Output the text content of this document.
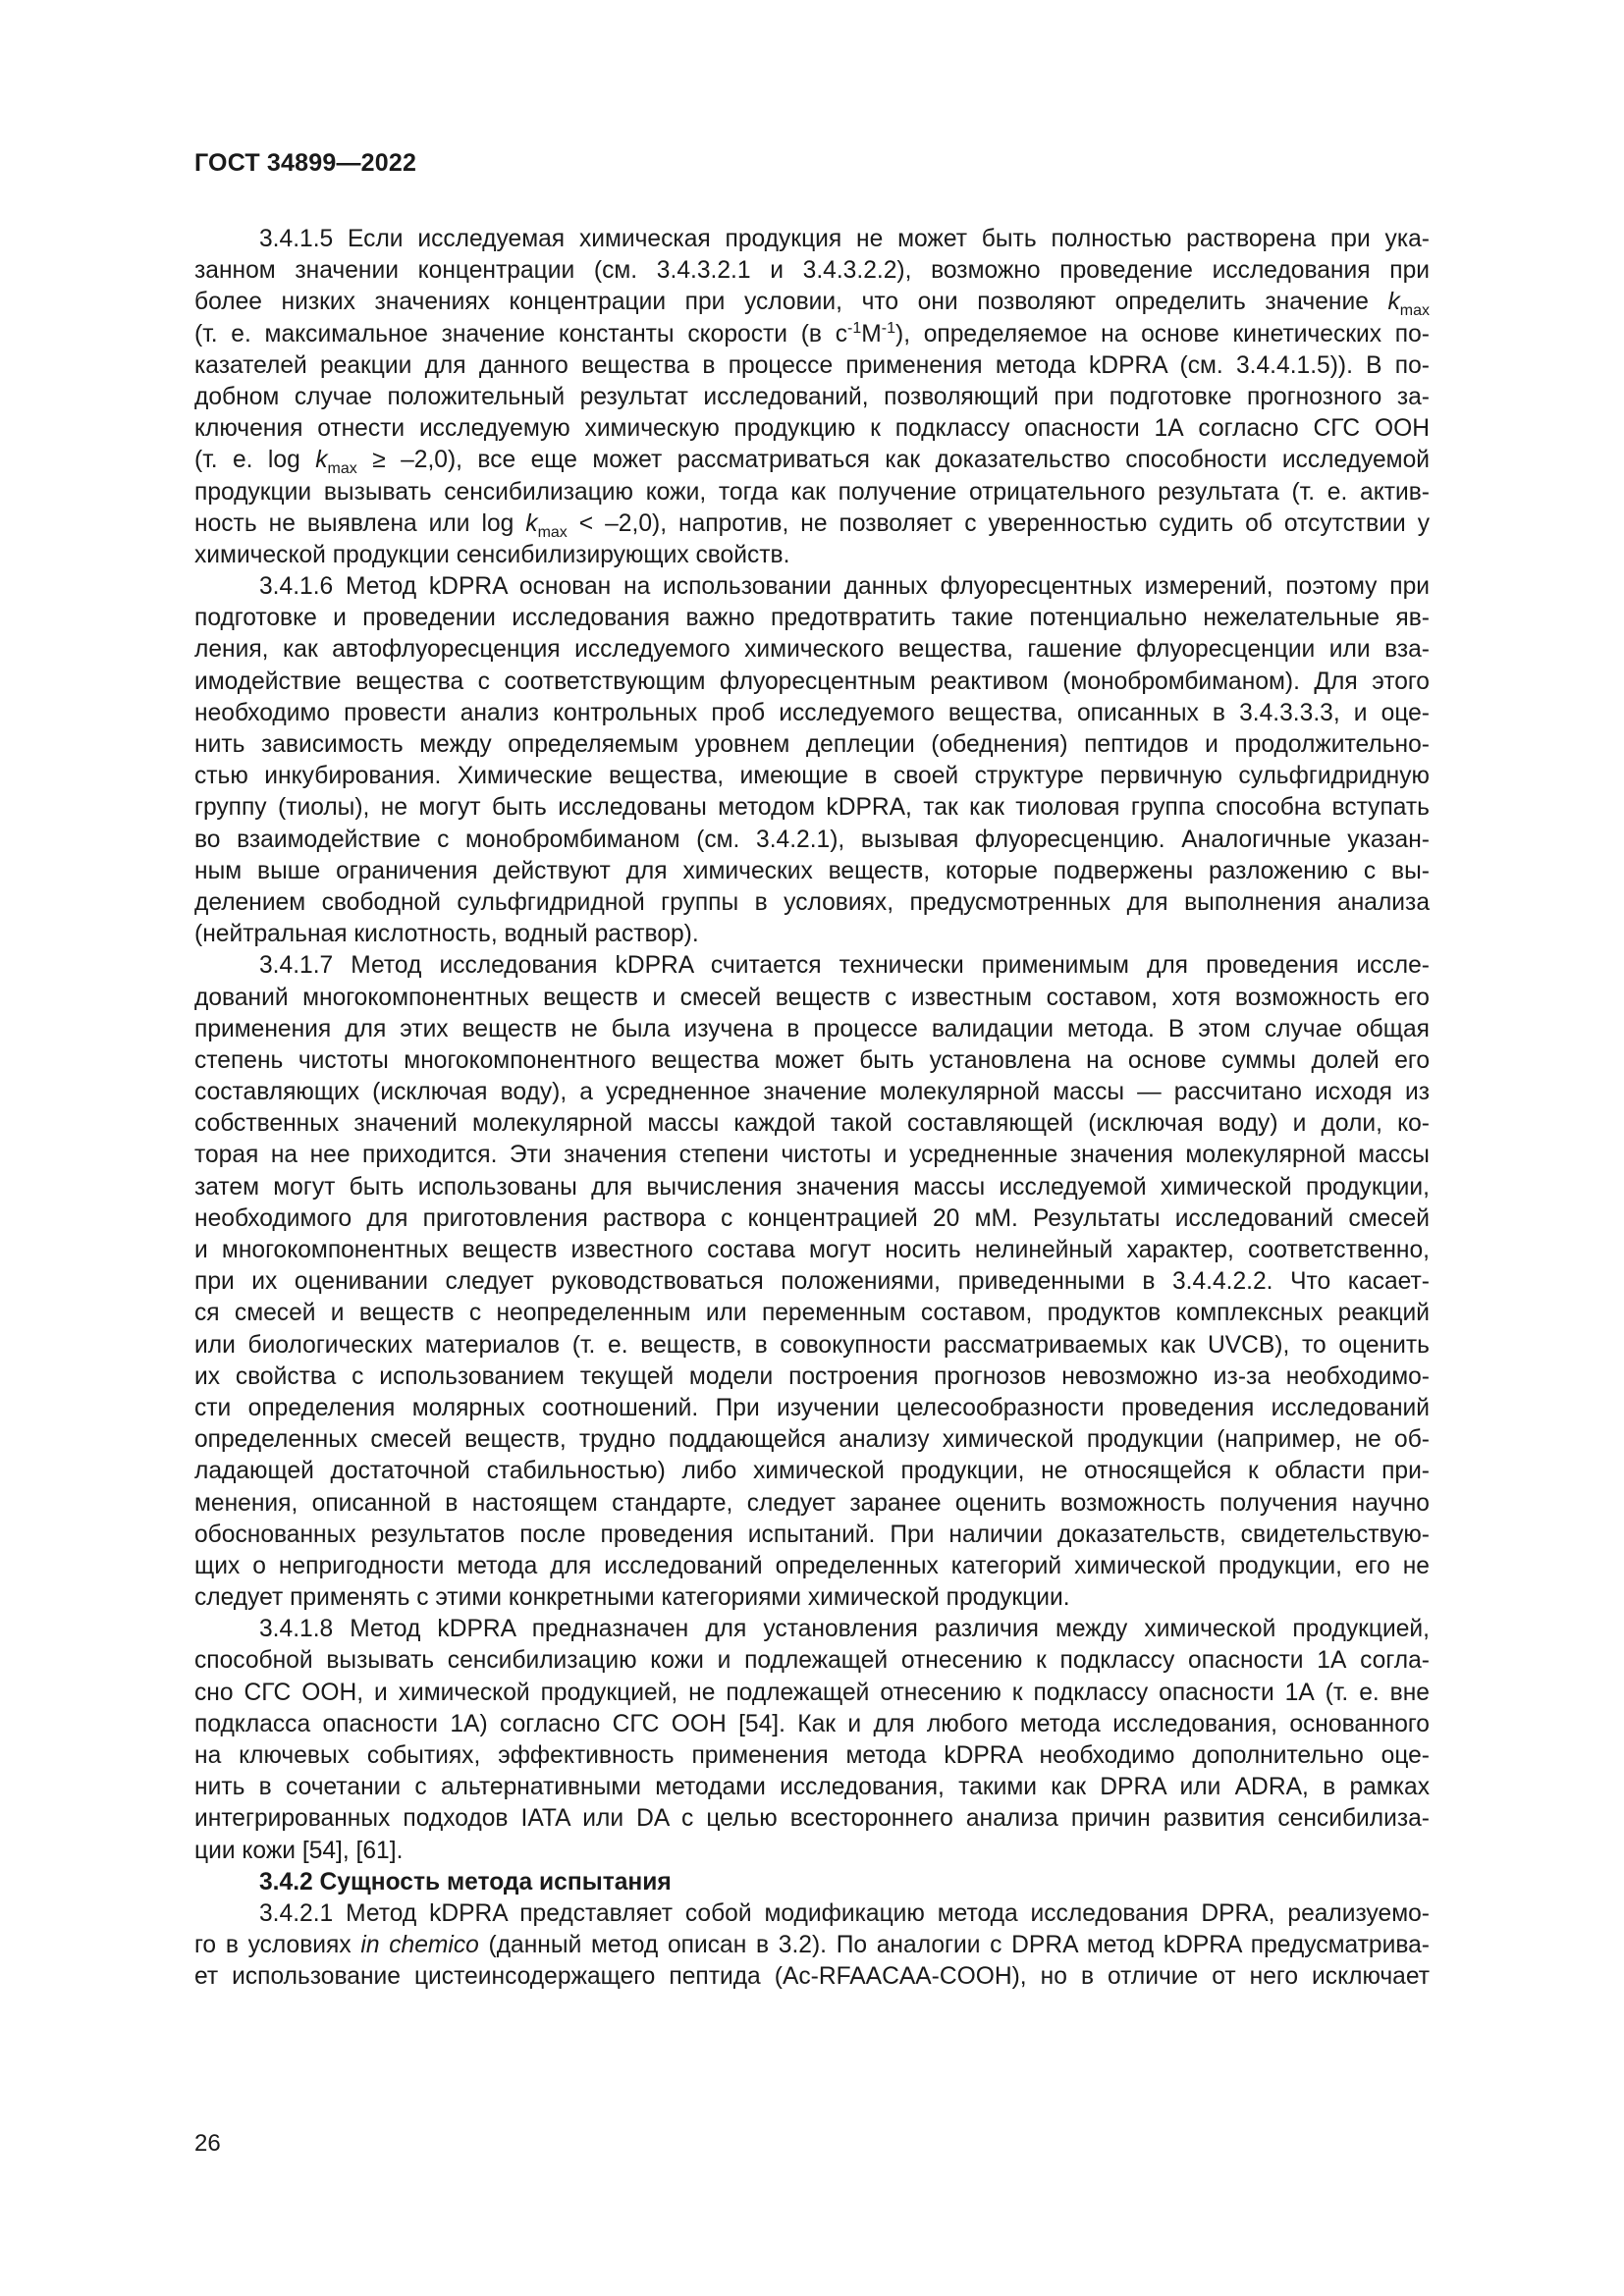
ГОСТ 34899—2022
3.4.1.5 Если исследуемая химическая продукция не может быть полностью растворена при ука-
занном значении концентрации (см. 3.4.3.2.1 и 3.4.3.2.2), возможно проведение исследования при
более низких значениях концентрации при условии, что они позволяют определить значение $k_{max}$
(т. е. максимальное значение константы скорости (в $с^{-1}М^{-1}$), определяемое на основе кинетических по-
казателей реакции для данного вещества в процессе применения метода kDPRA (см. 3.4.4.1.5)). В по-
добном случае положительный результат исследований, позволяющий при подготовке прогнозного за-
ключения отнести исследуемую химическую продукцию к подклассу опасности 1А согласно СГС ООН
(т. е. $\log k_{max} \ge -2,0$), все еще может рассматриваться как доказательство способности исследуемой
продукции вызывать сенсибилизацию кожи, тогда как получение отрицательного результата (т. е. актив-
ность не выявлена или $\log k_{max} < -2,0$), напротив, не позволяет с уверенностью судить об отсутствии у
химической продукции сенсибилизирующих свойств.
3.4.1.6 Метод kDPRA основан на использовании данных флуоресцентных измерений, поэтому при
подготовке и проведении исследования важно предотвратить такие потенциально нежелательные яв-
ления, как автофлуоресценция исследуемого химического вещества, гашение флуоресценции или вза-
имодействие вещества с соответствующим флуоресцентным реактивом (монобромбиманом). Для этого
необходимо провести анализ контрольных проб исследуемого вещества, описанных в 3.4.3.3.3, и оце-
нить зависимость между определяемым уровнем деплеции (обеднения) пептидов и продолжительно-
стью инкубирования. Химические вещества, имеющие в своей структуре первичную сульфгидридную
группу (тиолы), не могут быть исследованы методом kDPRA, так как тиоловая группа способна вступать
во взаимодействие с монобромбиманом (см. 3.4.2.1), вызывая флуоресценцию. Аналогичные указан-
ным выше ограничения действуют для химических веществ, которые подвержены разложению с вы-
делением свободной сульфгидридной группы в условиях, предусмотренных для выполнения анализа
(нейтральная кислотность, водный раствор).
3.4.1.7 Метод исследования kDPRA считается технически применимым для проведения иссле-
дований многокомпонентных веществ и смесей веществ с известным составом, хотя возможность его
применения для этих веществ не была изучена в процессе валидации метода. В этом случае общая
степень чистоты многокомпонентного вещества может быть установлена на основе суммы долей его
составляющих (исключая воду), а усредненное значение молекулярной массы — рассчитано исходя из
собственных значений молекулярной массы каждой такой составляющей (исключая воду) и доли, ко-
торая на нее приходится. Эти значения степени чистоты и усредненные значения молекулярной массы
затем могут быть использованы для вычисления значения массы исследуемой химической продукции,
необходимого для приготовления раствора с концентрацией 20 мМ. Результаты исследований смесей
и многокомпонентных веществ известного состава могут носить нелинейный характер, соответственно,
при их оценивании следует руководствоваться положениями, приведенными в 3.4.4.2.2. Что касает-
ся смесей и веществ с неопределенным или переменным составом, продуктов комплексных реакций
или биологических материалов (т. е. веществ, в совокупности рассматриваемых как UVCB), то оценить
их свойства с использованием текущей модели построения прогнозов невозможно из-за необходимо-
сти определения молярных соотношений. При изучении целесообразности проведения исследований
определенных смесей веществ, трудно поддающейся анализу химической продукции (например, не об-
ладающей достаточной стабильностью) либо химической продукции, не относящейся к области при-
менения, описанной в настоящем стандарте, следует заранее оценить возможность получения научно
обоснованных результатов после проведения испытаний. При наличии доказательств, свидетельствую-
щих о непригодности метода для исследований определенных категорий химической продукции, его не
следует применять с этими конкретными категориями химической продукции.
3.4.1.8 Метод kDPRA предназначен для установления различия между химической продукцией,
способной вызывать сенсибилизацию кожи и подлежащей отнесению к подклассу опасности 1А согла-
сно СГС ООН, и химической продукцией, не подлежащей отнесению к подклассу опасности 1А (т. е. вне
подкласса опасности 1А) согласно СГС ООН [54]. Как и для любого метода исследования, основанного
на ключевых событиях, эффективность применения метода kDPRA необходимо дополнительно оце-
нить в сочетании с альтернативными методами исследования, такими как DPRA или ADRA, в рамках
интегрированных подходов IATA или DA с целью всестороннего анализа причин развития сенсибилиза-
ции кожи [54], [61].
3.4.2 Сущность метода испытания
3.4.2.1 Метод kDPRA представляет собой модификацию метода исследования DPRA, реализуемо-
го в условиях in chemico (данный метод описан в 3.2). По аналогии с DPRA метод kDPRA предусматрива-
ет использование цистеинсодержащего пептида (Ac-RFAACAA-COOH), но в отличие от него исключает
26
